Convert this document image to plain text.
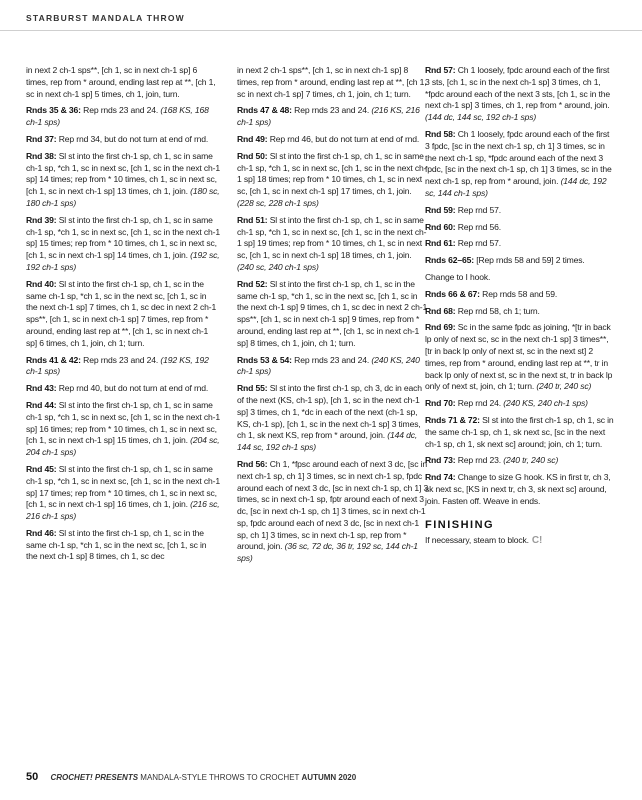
STARBURST MANDALA THROW

in next 2 ch-1 sps**, [ch 1, sc in next ch-1 sp] 6 times, rep from * around, ending last rep at **, [ch 1, sc in next ch-1 sp] 5 times, ch 1, join, turn.

Rnds 35 & 36: Rep rnds 23 and 24. (168 KS, 168 ch-1 sps)

Rnd 37: Rep rnd 34, but do not turn at end of rnd.

Rnd 38: Sl st into the first ch-1 sp, ch 1, sc in same ch-1 sp, *ch 1, sc in next sc, [ch 1, sc in the next ch-1 sp] 14 times; rep from * 10 times, ch 1, sc in next sc, [ch 1, sc in next ch-1 sp] 13 times, ch 1, join. (180 sc, 180 ch-1 sps)

Rnd 39: Sl st into the first ch-1 sp, ch 1, sc in same ch-1 sp, *ch 1, sc in next sc, [ch 1, sc in the next ch-1 sp] 15 times; rep from * 10 times, ch 1, sc in next sc, [ch 1, sc in next ch-1 sp] 14 times, ch 1, join. (192 sc, 192 ch-1 sps)

Rnd 40: Sl st into the first ch-1 sp, ch 1, sc in the same ch-1 sp, *ch 1, sc in the next sc, [ch 1, sc in the next ch-1 sp] 7 times, ch 1, sc dec in next 2 ch-1 sps**, [ch 1, sc in next ch-1 sp] 7 times, rep from * around, ending last rep at **, [ch 1, sc in next ch-1 sp] 6 times, ch 1, join, ch 1; turn.

Rnds 41 & 42: Rep rnds 23 and 24. (192 KS, 192 ch-1 sps)

Rnd 43: Rep rnd 40, but do not turn at end of rnd.

Rnd 44: Sl st into the first ch-1 sp, ch 1, sc in same ch-1 sp, *ch 1, sc in next sc, [ch 1, sc in the next ch-1 sp] 16 times; rep from * 10 times, ch 1, sc in next sc, [ch 1, sc in next ch-1 sp] 15 times, ch 1, join. (204 sc, 204 ch-1 sps)

Rnd 45: Sl st into the first ch-1 sp, ch 1, sc in same ch-1 sp, *ch 1, sc in next sc, [ch 1, sc in the next ch-1 sp] 17 times; rep from * 10 times, ch 1, sc in next sc, [ch 1, sc in next ch-1 sp] 16 times, ch 1, join. (216 sc, 216 ch-1 sps)

Rnd 46: Sl st into the first ch-1 sp, ch 1, sc in the same ch-1 sp, *ch 1, sc in the next sc, [ch 1, sc in the next ch-1 sp] 8 times, ch 1, sc dec

in next 2 ch-1 sps**, [ch 1, sc in next ch-1 sp] 8 times, rep from * around, ending last rep at **, [ch 1, sc in next ch-1 sp] 7 times, ch 1, join, ch 1; turn.

Rnds 47 & 48: Rep rnds 23 and 24. (216 KS, 216 ch-1 sps)

Rnd 49: Rep rnd 46, but do not turn at end of rnd.

Rnd 50: Sl st into the first ch-1 sp, ch 1, sc in same ch-1 sp, *ch 1, sc in next sc, [ch 1, sc in the next ch-1 sp] 18 times; rep from * 10 times, ch 1, sc in next sc, [ch 1, sc in next ch-1 sp] 17 times, ch 1, join. (228 sc, 228 ch-1 sps)

Rnd 51: Sl st into the first ch-1 sp, ch 1, sc in same ch-1 sp, *ch 1, sc in next sc, [ch 1, sc in the next ch-1 sp] 19 times; rep from * 10 times, ch 1, sc in next sc, [ch 1, sc in next ch-1 sp] 18 times, ch 1, join. (240 sc, 240 ch-1 sps)

Rnd 52: Sl st into the first ch-1 sp, ch 1, sc in the same ch-1 sp, *ch 1, sc in the next sc, [ch 1, sc in the next ch-1 sp] 9 times, ch 1, sc dec in next 2 ch-1 sps**, [ch 1, sc in next ch-1 sp] 9 times, rep from * around, ending last rep at **, [ch 1, sc in next ch-1 sp] 8 times, ch 1, join, ch 1; turn.

Rnds 53 & 54: Rep rnds 23 and 24. (240 KS, 240 ch-1 sps)

Rnd 55: Sl st into the first ch-1 sp, ch 3, dc in each of the next (KS, ch-1 sp), [ch 1, sc in the next ch-1 sp] 3 times, ch 1, *dc in each of the next (ch-1 sp, KS, ch-1 sp), [ch 1, sc in the next ch-1 sp] 3 times, ch 1, sk next KS, rep from * around, join. (144 dc, 144 sc, 192 ch-1 sps)

Rnd 56: Ch 1, *fpsc around each of next 3 dc, [sc in next ch-1 sp, ch 1] 3 times, sc in next ch-1 sp, fpdc around each of next 3 dc, [sc in next ch-1 sp, ch 1] 3 times, sc in next ch-1 sp, fptr around each of next 3 dc, [sc in next ch-1 sp, ch 1] 3 times, sc in next ch-1 sp, fpdc around each of next 3 dc, [sc in next ch-1 sp, ch 1] 3 times, sc in next ch-1 sp, rep from * around, join. (36 sc, 72 dc, 36 tr, 192 sc, 144 ch-1 sps)

Rnd 57: Ch 1 loosely, fpdc around each of the first 3 sts, [ch 1, sc in the next ch-1 sp] 3 times, ch 1, *fpdc around each of the next 3 sts, [ch 1, sc in the next ch-1 sp] 3 times, ch 1, rep from * around, join. (144 dc, 144 sc, 192 ch-1 sps)

Rnd 58: Ch 1 loosely, fpdc around each of the first 3 fpdc, [sc in the next ch-1 sp, ch 1] 3 times, sc in the next ch-1 sp, *fpdc around each of the next 3 fpdc, [sc in the next ch-1 sp, ch 1] 3 times, sc in the next ch-1 sp, rep from * around, join. (144 dc, 192 sc, 144 ch-1 sps)

Rnd 59: Rep rnd 57.

Rnd 60: Rep rnd 56.

Rnd 61: Rep rnd 57.

Rnds 62–65: [Rep rnds 58 and 59] 2 times.

Change to I hook.

Rnds 66 & 67: Rep rnds 58 and 59.

Rnd 68: Rep rnd 58, ch 1; turn.

Rnd 69: Sc in the same fpdc as joining, *[tr in back lp only of next sc, sc in the next ch-1 sp] 3 times**, [tr in back lp only of next st, sc in the next st] 2 times, rep from * around, ending last rep at **, tr in back lp only of next st, sc in the next st, tr in back lp only of next st, join, ch 1; turn. (240 tr, 240 sc)

Rnd 70: Rep rnd 24. (240 KS, 240 ch-1 sps)

Rnds 71 & 72: Sl st into the first ch-1 sp, ch 1, sc in the same ch-1 sp, ch 1, sk next sc, [sc in the next ch-1 sp, ch 1, sk next sc] around; join, ch 1; turn.

Rnd 73: Rep rnd 23. (240 tr, 240 sc)

Rnd 74: Change to size G hook. KS in first tr, ch 3, sk next sc, [KS in next tr, ch 3, sk next sc] around, join. Fasten off. Weave in ends.

FINISHING

If necessary, steam to block. C!

50 CROCHET! PRESENTS MANDALA-STYLE THROWS TO CROCHET AUTUMN 2020
